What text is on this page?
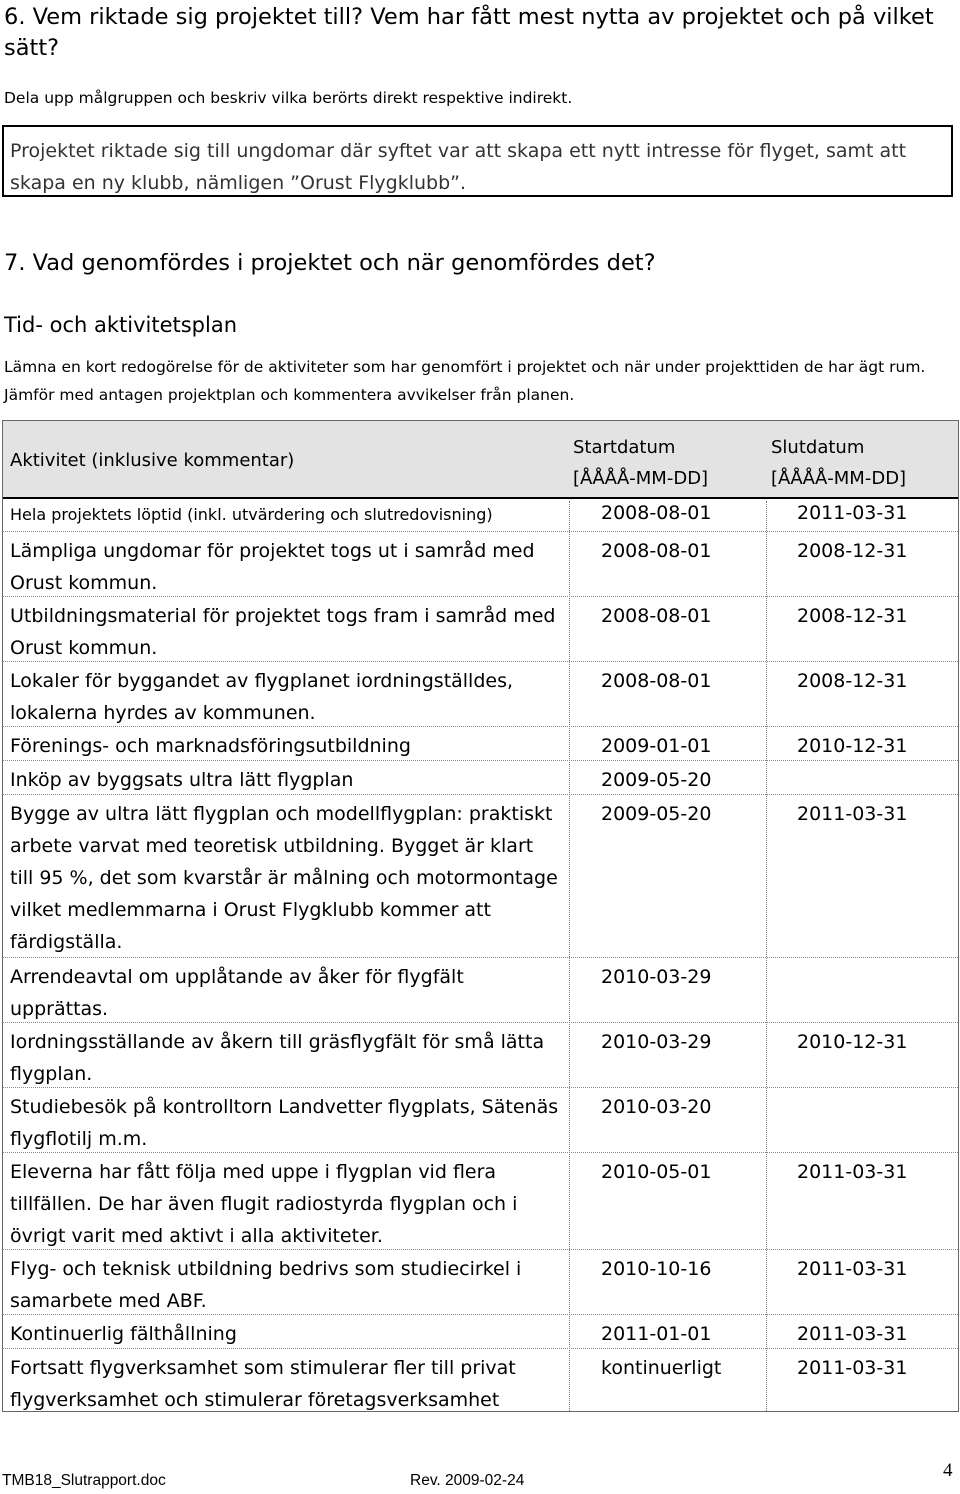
6. Vem riktade sig projektet till? Vem har fått mest nytta av projektet och på vilket sätt?

Dela upp målgruppen och beskriv vilka berörts direkt respektive indirekt.

Projektet riktade sig till ungdomar där syftet var att skapa ett nytt intresse för flyget, samt att skapa en ny klubb, nämligen ”Orust Flygklubb”.
7. Vad genomfördes i projektet och när genomfördes det?
Tid- och aktivitetsplan

Lämna en kort redogörelse för de aktiviteter som har genomfört i projektet och när under projekttiden de har ägt rum. Jämför med antagen projektplan och kommentera avvikelser från planen.

Aktivitet (inklusive kommentar)
Startdatum
[ÅÅÅÅ-MM-DD]
Slutdatum
[ÅÅÅÅ-MM-DD]
Hela projektets löptid (inkl. utvärdering och slutredovisning)	2008-08-01	2011-03-31
Lämpliga ungdomar för projektet togs ut i samråd med Orust kommun.
2008-08-01	2008-12-31
Utbildningsmaterial för projektet togs fram i samråd med Orust kommun.
2008-08-01	2008-12-31
Lokaler för byggandet av flygplanet iordningställdes, lokalerna hyrdes av kommunen.
2008-08-01	2008-12-31
Förenings- och marknadsföringsutbildning	2009-01-01	2010-12-31
Inköp av byggsats ultra lätt flygplan	2009-05-20
Bygge av ultra lätt flygplan och modellflygplan: praktiskt arbete varvat med teoretisk utbildning. Bygget är klart till 95 %, det som kvarstår är målning och motormontage vilket medlemmarna i Orust Flygklubb kommer att färdigställa.
2009-05-20	2011-03-31
Arrendeavtal om upplåtande av åker för flygfält upprättas.
2010-03-29
Iordningsställande av åkern till gräsflygfält för små lätta flygplan.
2010-03-29	2010-12-31
Studiebesök på kontrolltorn Landvetter flygplats, Sätenäs flygflotilj m.m.
2010-03-20
Eleverna har fått följa med uppe i flygplan vid flera tillfällen. De har även flugit radiostyrda flygplan och i övrigt varit med aktivt i alla aktiviteter.
2010-05-01	2011-03-31
Flyg- och teknisk utbildning bedrivs som studiecirkel i samarbete med ABF.
2010-10-16	2011-03-31
Kontinuerlig fälthållning	2011-01-01	2011-03-31
Fortsatt flygverksamhet som stimulerar fler till privat flygverksamhet och stimulerar företagsverksamhet
kontinuerligt	2011-03-31
TMB18_Slutrapport.doc	Rev. 2009-02-24	4
